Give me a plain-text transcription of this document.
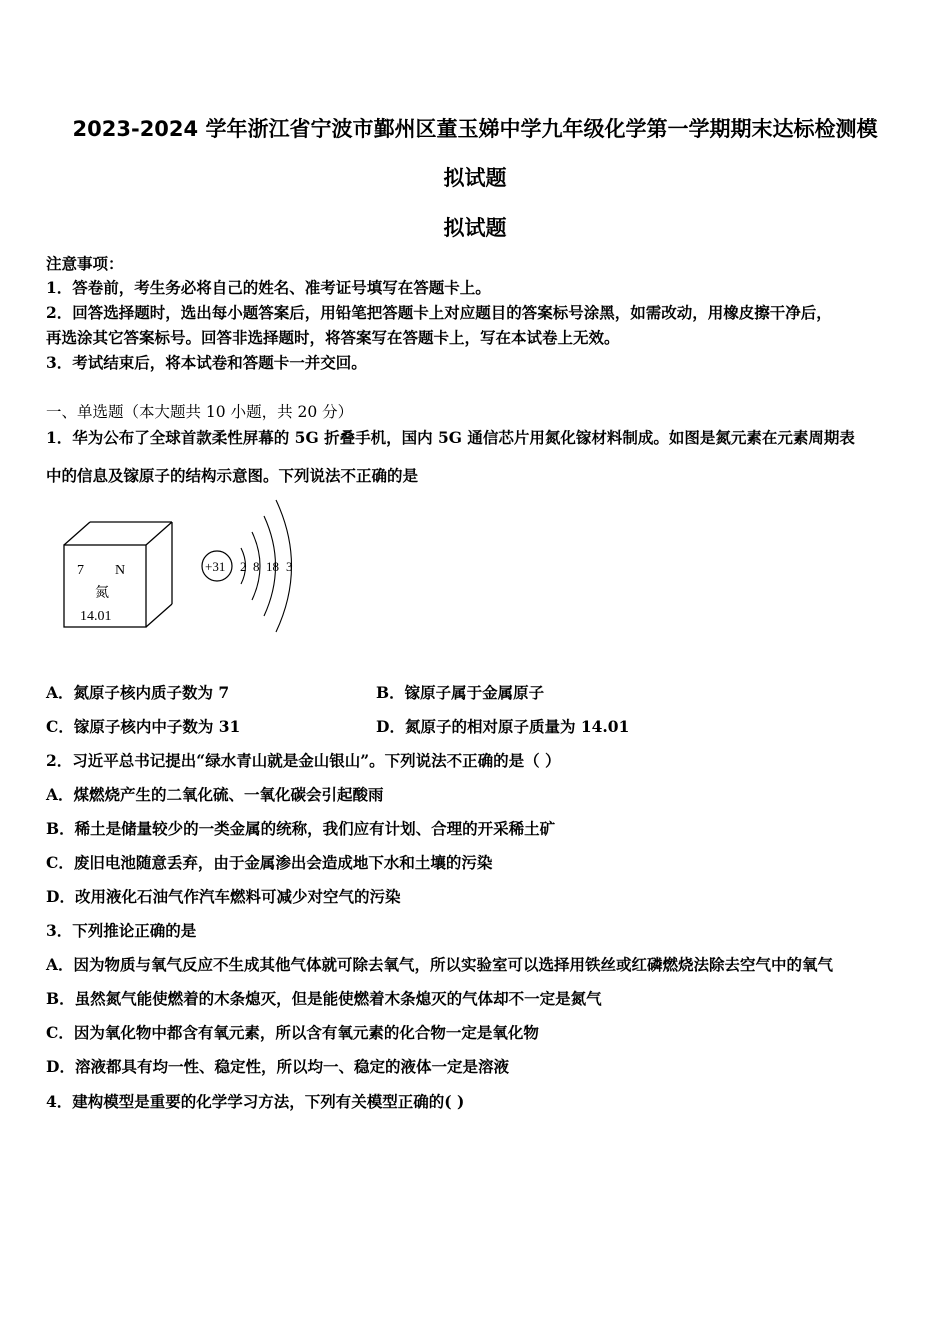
2023-2024 学年浙江省宁波市鄞州区董玉娣中学九年级化学第一学期期末达标检测模
拟试题
拟试题
注意事项：
1．答卷前，考生务必将自己的姓名、准考证号填写在答题卡上。
2．回答选择题时，选出每小题答案后，用铅笔把答题卡上对应题目的答案标号涂黑，如需改动，用橡皮擦干净后，
再选涂其它答案标号。回答非选择题时，将答案写在答题卡上，写在本试卷上无效。
3．考试结束后，将本试卷和答题卡一并交回。
一、单选题（本大题共 10 小题，共 20 分）
1．华为公布了全球首款柔性屏幕的 5G 折叠手机，国内 5G 通信芯片用氮化镓材料制成。如图是氮元素在元素周期表
中的信息及镓原子的结构示意图。下列说法不正确的是
7 N
氮
14.01
+31 2 8 18 3
A．氮原子核内质子数为 7	B．镓原子属于金属原子
C．镓原子核内中子数为 31	D．氮原子的相对原子质量为 14.01
2．习近平总书记提出“绿水青山就是金山银山”。下列说法不正确的是（ ）
A．煤燃烧产生的二氧化硫、一氧化碳会引起酸雨
B．稀土是储量较少的一类金属的统称，我们应有计划、合理的开采稀土矿
C．废旧电池随意丢弃，由于金属渗出会造成地下水和土壤的污染
D．改用液化石油气作汽车燃料可减少对空气的污染
3．下列推论正确的是
A．因为物质与氧气反应不生成其他气体就可除去氧气，所以实验室可以选择用铁丝或红磷燃烧法除去空气中的氧气
B．虽然氮气能使燃着的木条熄灭，但是能使燃着木条熄灭的气体却不一定是氮气
C．因为氧化物中都含有氧元素，所以含有氧元素的化合物一定是氧化物
D．溶液都具有均一性、稳定性，所以均一、稳定的液体一定是溶液
4．建构模型是重要的化学学习方法，下列有关模型正确的( )
